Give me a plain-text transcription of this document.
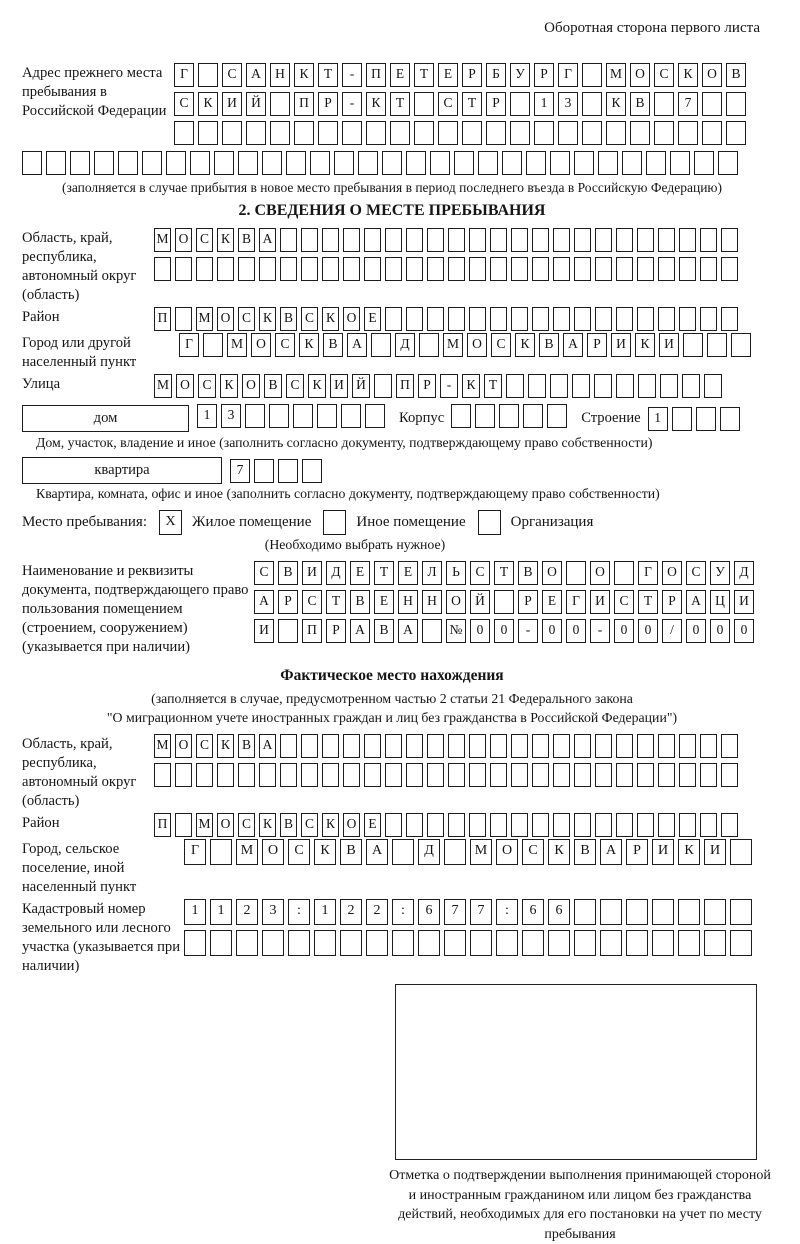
Оборотная сторона первого листа
Адрес прежнего места пребывания в Российской Федерации
Г	С	А	Н	К	Т	-	П	Е	Т	Е	Р	Б	У	Р	Г	М О	С	К	О	В
С	К	И	Й	П	Р	-	К	Т	С	Т	Р	1	3	К	В	7
(заполняется в случае прибытия в новое место пребывания в период последнего въезда в Российскую Федерацию)
2. СВЕДЕНИЯ О МЕСТЕ ПРЕБЫВАНИЯ
Область, край, республика, автономный округ (область)
М О С К В А
Район	П М О С К В С К О Е
Город или другой населенный пункт
Г	М О	С	К	В	А	Д	М О	С	К	В	А	Р	И	К	И
Улица	М О С К О В С К И Й	П Р	-	К Т
дом	1	3	Корпус	Строение	1
Дом, участок, владение и иное (заполнить согласно документу, подтверждающему право собственности)
квартира	7
Квартира, комната, офис и иное (заполнить согласно документу, подтверждающему право собственности)
Место пребывания:	X	Жилое помещение	Иное помещение	Организация
(Необходимо выбрать нужное)
Наименование и реквизиты документа, подтверждающего право пользования помещением (строением, сооружением) (указывается при наличии)
С	В	И	Д	Е	Т	Е	Л	Ь	С	Т	В	О	О	Г	О	С	У	Д
А	Р	С	Т	В	Е	Н	Н	О	Й	Р	Е	Г	И	С	Т	Р	А	Ц	И
И	П	Р	А	В	А	№	0	0	-	0	0	-	0	0	/	0	0	0
Фактическое место нахождения
(заполняется в случае, предусмотренном частью 2 статьи 21 Федерального закона
"О миграционном учете иностранных граждан и лиц без гражданства в Российской Федерации")
Область, край, республика, автономный округ (область)
М О С К В А
Район	П М О С К В С К О Е
Город, сельское поселение, иной населенный пункт
Г	М	О	С	К	В	А	Д	М	О	С	К	В	А	Р	И	К	И
Кадастровый номер земельного или лесного участка (указывается при наличии)
1	1	2	3	:	1	2	2	:	6	7	7	:	6	6
Отметка о подтверждении выполнения принимающей стороной и иностранным гражданином или лицом без гражданства действий, необходимых для его постановки на учет по месту пребывания
